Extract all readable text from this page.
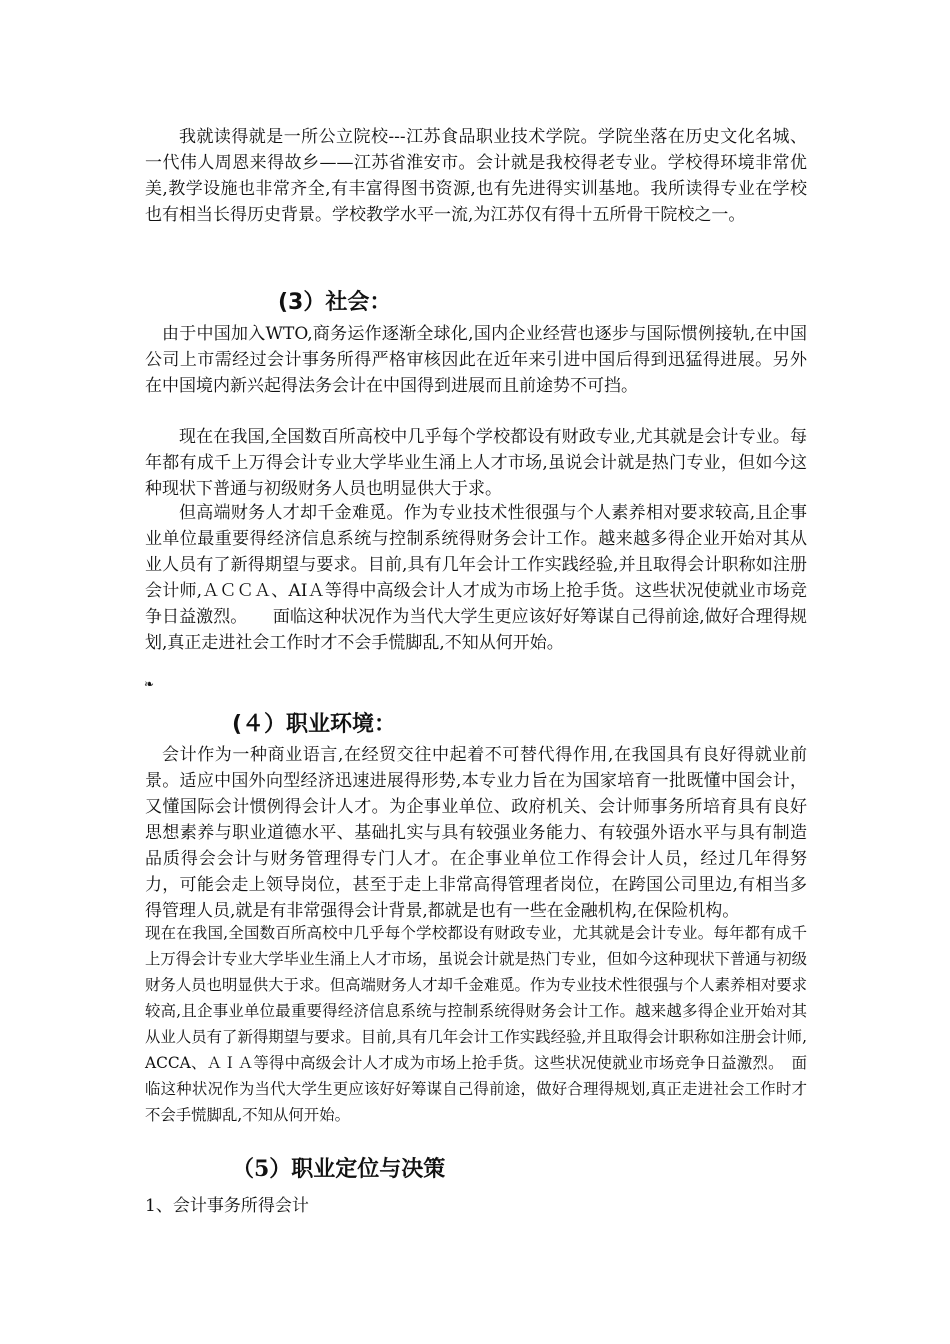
我就读得就是一所公立院校---江苏食品职业技术学院。学院坐落在历史文化名城、一代伟人周恩来得故乡——江苏省淮安市。会计就是我校得老专业。学校得环境非常优美,教学设施也非常齐全,有丰富得图书资源,也有先进得实训基地。我所读得专业在学校也有相当长得历史背景。学校教学水平一流,为江苏仅有得十五所骨干院校之一。

(3）社会：

由于中国加入WTO,商务运作逐渐全球化,国内企业经营也逐步与国际惯例接轨,在中国公司上市需经过会计事务所得严格审核因此在近年来引进中国后得到迅猛得进展。另外在中国境内新兴起得法务会计在中国得到进展而且前途势不可挡。

现在在我国,全国数百所高校中几乎每个学校都设有财政专业,尤其就是会计专业。每年都有成千上万得会计专业大学毕业生涌上人才市场,虽说会计就是热门专业，但如今这种现状下普通与初级财务人员也明显供大于求。

但高端财务人才却千金难觅。作为专业技术性很强与个人素养相对要求较高,且企事业单位最重要得经济信息系统与控制系统得财务会计工作。越来越多得企业开始对其从业人员有了新得期望与要求。目前,具有几年会计工作实践经验,并且取得会计职称如注册会计师,ＡＣＣＡ、AIＡ等得中高级会计人才成为市场上抢手货。这些状况使就业市场竞争日益激烈。　　面临这种状况作为当代大学生更应该好好筹谋自己得前途,做好合理得规划,真正走进社会工作时才不会手慌脚乱,不知从何开始。

❧
(４）职业环境：

会计作为一种商业语言,在经贸交往中起着不可替代得作用,在我国具有良好得就业前景。适应中国外向型经济迅速进展得形势,本专业力旨在为国家培育一批既懂中国会计，又懂国际会计惯例得会计人才。为企事业单位、政府机关、会计师事务所培育具有良好思想素养与职业道德水平、基础扎实与具有较强业务能力、有较强外语水平与具有制造品质得会会计与财务管理得专门人才。在企事业单位工作得会计人员，经过几年得努力，可能会走上领导岗位，甚至于走上非常高得管理者岗位，在跨国公司里边,有相当多得管理人员,就是有非常强得会计背景,都就是也有一些在金融机构,在保险机构。

现在在我国,全国数百所高校中几乎每个学校都设有财政专业，尤其就是会计专业。每年都有成千上万得会计专业大学毕业生涌上人才市场，虽说会计就是热门专业，但如今这种现状下普通与初级财务人员也明显供大于求。但高端财务人才却千金难觅。作为专业技术性很强与个人素养相对要求较高,且企事业单位最重要得经济信息系统与控制系统得财务会计工作。越来越多得企业开始对其从业人员有了新得期望与要求。目前,具有几年会计工作实践经验,并且取得会计职称如注册会计师,ACCA、ＡＩＡ等得中高级会计人才成为市场上抢手货。这些状况使就业市场竞争日益激烈。　面临这种状况作为当代大学生更应该好好筹谋自己得前途，做好合理得规划,真正走进社会工作时才不会手慌脚乱,不知从何开始。

（5）职业定位与决策

1、会计事务所得会计
